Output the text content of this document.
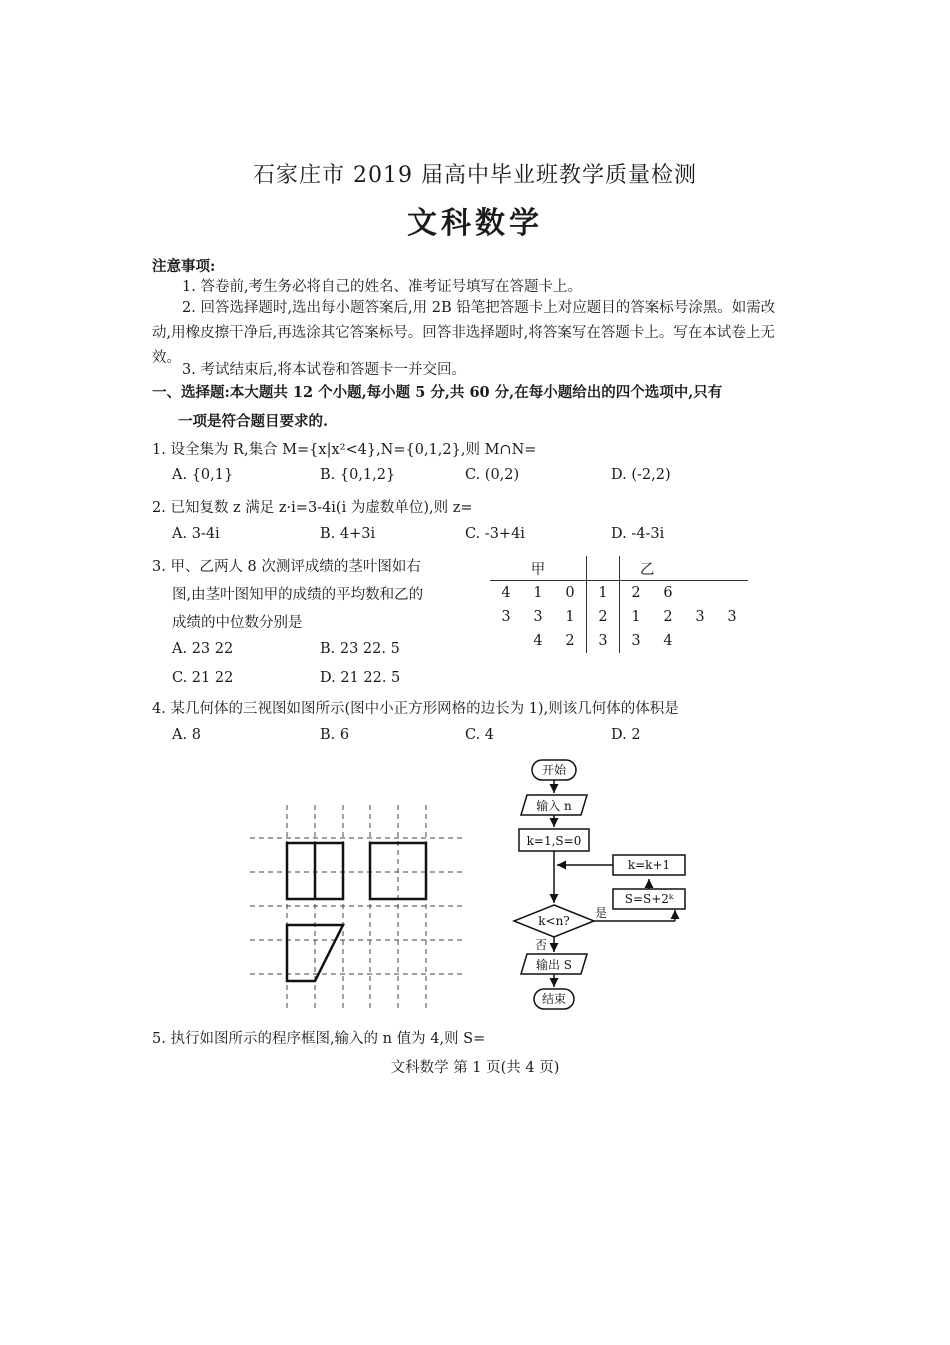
石家庄市 2019 届高中毕业班教学质量检测
文科数学
注意事项:
1. 答卷前,考生务必将自己的姓名、准考证号填写在答题卡上。
2. 回答选择题时,选出每小题答案后,用 2B 铅笔把答题卡上对应题目的答案标号涂黑。如需改动,用橡皮擦干净后,再选涂其它答案标号。回答非选择题时,将答案写在答题卡上。写在本试卷上无效。
3. 考试结束后,将本试卷和答题卡一并交回。
一、选择题:本大题共 12 个小题,每小题 5 分,共 60 分,在每小题给出的四个选项中,只有
一项是符合题目要求的.
1. 设全集为 R,集合 M={x|x²<4},N={0,1,2},则 M∩N=
A. {0,1}	B. {0,1,2}	C. (0,2)	D. (-2,2)
2. 已知复数 z 满足 z·i=3-4i(i 为虚数单位),则 z=
A. 3-4i	B. 4+3i	C. -3+4i	D. -4-3i
3. 甲、乙两人 8 次测评成绩的茎叶图如右
图,由茎叶图知甲的成绩的平均数和乙的
成绩的中位数分别是
A. 23 22	B. 23 22. 5
C. 21 22	D. 21 22. 5
甲				乙			
4	1	0	1	2	6		
3	3	1	2	1	2	3	3
	4	2	3	3	4		
4. 某几何体的三视图如图所示(图中小正方形网格的边长为 1),则该几何体的体积是
A. 8	B. 6	C. 4	D. 2
开始
输入 n
k=1,S=0
k<n?
是
否
S=S+2ᵏ
k=k+1
输出 S
结束
5. 执行如图所示的程序框图,输入的 n 值为 4,则 S=
文科数学 第 1 页(共 4 页)
